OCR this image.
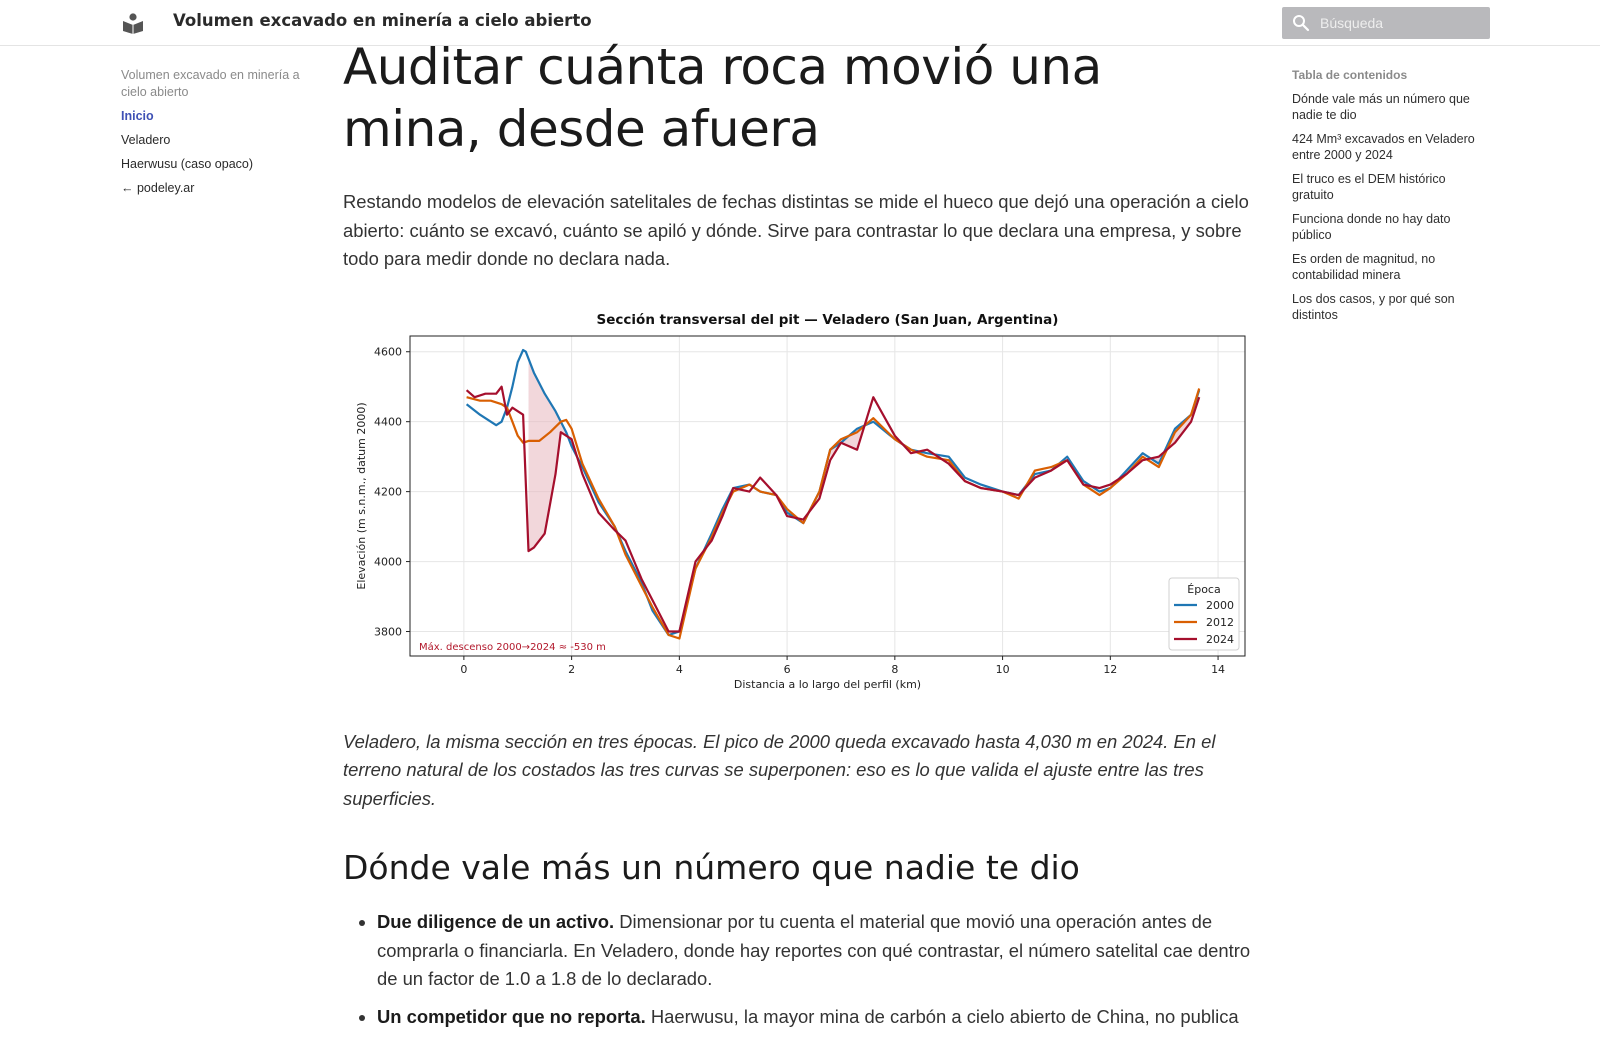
Volumen excavado en minería a cielo abierto
Búsqueda
Volumen excavado en minería a cielo abierto
Inicio
Veladero
Haerwusu (caso opaco)
← podeley.ar
Tabla de contenidos
Dónde vale más un número que nadie te dio
424 Mm³ excavados en Veladero entre 2000 y 2024
El truco es el DEM histórico gratuito
Funciona donde no hay dato público
Es orden de magnitud, no contabilidad minera
Los dos casos, y por qué son distintos
Auditar cuánta roca movió una mina, desde afuera

Restando modelos de elevación satelitales de fechas distintas se mide el hueco que dejó una operación a cielo abierto: cuánto se excavó, cuánto se apiló y dónde. Sirve para contrastar lo que declara una empresa, y sobre todo para medir donde no declara nada.

0	2	4	6	8	10	12	14
3800
4000
4200
4400
4600
Sección transversal del pit — Veladero (San Juan, Argentina)
Distancia a lo largo del perfil (km)
Elevación (m s.n.m., datum 2000)
Máx. descenso 2000→2024 ≈ -530 m
Época
2000
2012
2024

Veladero, la misma sección en tres épocas. El pico de 2000 queda excavado hasta 4,030 m en 2024. En el terreno natural de los costados las tres curvas se superponen: eso es lo que valida el ajuste entre las tres superficies.

Dónde vale más un número que nadie te dio
• Due diligence de un activo. Dimensionar por tu cuenta el material que movió una operación antes de comprarla o financiarla. En Veladero, donde hay reportes con qué contrastar, el número satelital cae dentro de un factor de 1.0 a 1.8 de lo declarado.
• Un competidor que no reporta. Haerwusu, la mayor mina de carbón a cielo abierto de China, no publica
